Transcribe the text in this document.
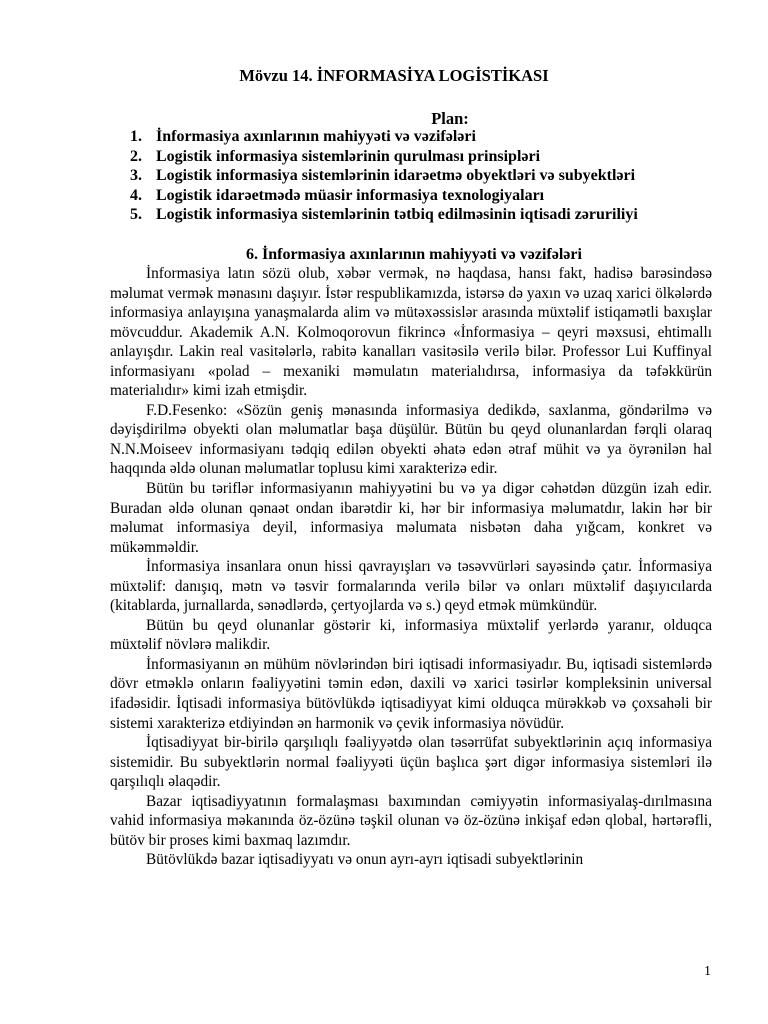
Mövzu 14. İNFORMASİYA LOGİSTİKASI
Plan:
1. İnformasiya axınlarının mahiyyəti və vəzifələri
2. Logistik informasiya sistemlərinin qurulması prinsipləri
3. Logistik informasiya sistemlərinin idarəetmə obyektləri və subyektləri
4. Logistik idarəetmədə müasir informasiya texnologiyaları
5. Logistik informasiya sistemlərinin tətbiq edilməsinin iqtisadi zəruriliyi
6. İnformasiya axınlarının mahiyyəti və vəzifələri

İnformasiya latın sözü olub, xəbər vermək, nə haqdasa, hansı fakt, hadisə barəsindəsə məlumat vermək mənasını daşıyır. İstər respublikamızda, istərsə də yaxın və uzaq xarici ölkələrdə informasiya anlayışına yanaşmalarda alim və mütəxəssislər arasında müxtəlif istiqamətli baxışlar mövcuddur. Akademik A.N. Kolmoqorovun fikrincə «İnformasiya – qeyri məxsusi, ehtimallı anlayışdır. Lakin real vasitələrlə, rabitə kanalları vasitəsilə verilə bilər. Professor Lui Kuffinyal informasiyanı «polad – mexaniki məmulatın materialıdırsa, informasiya da təfəkkürün materialıdır» kimi izah etmişdir.

F.D.Fesenko: «Sözün geniş mənasında informasiya dedikdə, saxlanma, göndərilmə və dəyişdirilmə obyekti olan məlumatlar başa düşülür. Bütün bu qeyd olunanlardan fərqli olaraq N.N.Moiseev informasiyanı tədqiq edilən obyekti əhatə edən ətraf mühit və ya öyrənilən hal haqqında əldə olunan məlumatlar toplusu kimi xarakterizə edir.

Bütün bu təriflər informasiyanın mahiyyətini bu və ya digər cəhətdən düzgün izah edir. Buradan əldə olunan qənaət ondan ibarətdir ki, hər bir informasiya məlumatdır, lakin hər bir məlumat informasiya deyil, informasiya məlumata nisbətən daha yığcam, konkret və mükəmməldir.

İnformasiya insanlara onun hissi qavrayışları və təsəvvürləri sayəsində çatır. İnformasiya müxtəlif: danışıq, mətn və təsvir formalarında verilə bilər və onları müxtəlif daşıyıcılarda (kitablarda, jurnallarda, sənədlərdə, çertyojlarda və s.) qeyd etmək mümkündür.

Bütün bu qeyd olunanlar göstərir ki, informasiya müxtəlif yerlərdə yaranır, olduqca müxtəlif növlərə malikdir.

İnformasiyanın ən mühüm növlərindən biri iqtisadi informasiyadır. Bu, iqtisadi sistemlərdə dövr etməklə onların fəaliyyətini təmin edən, daxili və xarici təsirlər kompleksinin universal ifadəsidir. İqtisadi informasiya bütövlükdə iqtisadiyyat kimi olduqca mürəkkəb və çoxsahəli bir sistemi xarakterizə etdiyindən ən harmonik və çevik informasiya növüdür.

İqtisadiyyat bir-birilə qarşılıqlı fəaliyyətdə olan təsərrüfat subyektlərinin açıq informasiya sistemidir. Bu subyektlərin normal fəaliyyəti üçün başlıca şərt digər informasiya sistemləri ilə qarşılıqlı əlaqədir.

Bazar iqtisadiyyatının formalaşması baxımından cəmiyyətin informasiyalaş-dırılmasına vahid informasiya məkanında öz-özünə təşkil olunan və öz-özünə inkişaf edən qlobal, hərtərəfli, bütöv bir proses kimi baxmaq lazımdır.

Bütövlükdə bazar iqtisadiyyatı və onun ayrı-ayrı iqtisadi subyektlərinin

1
